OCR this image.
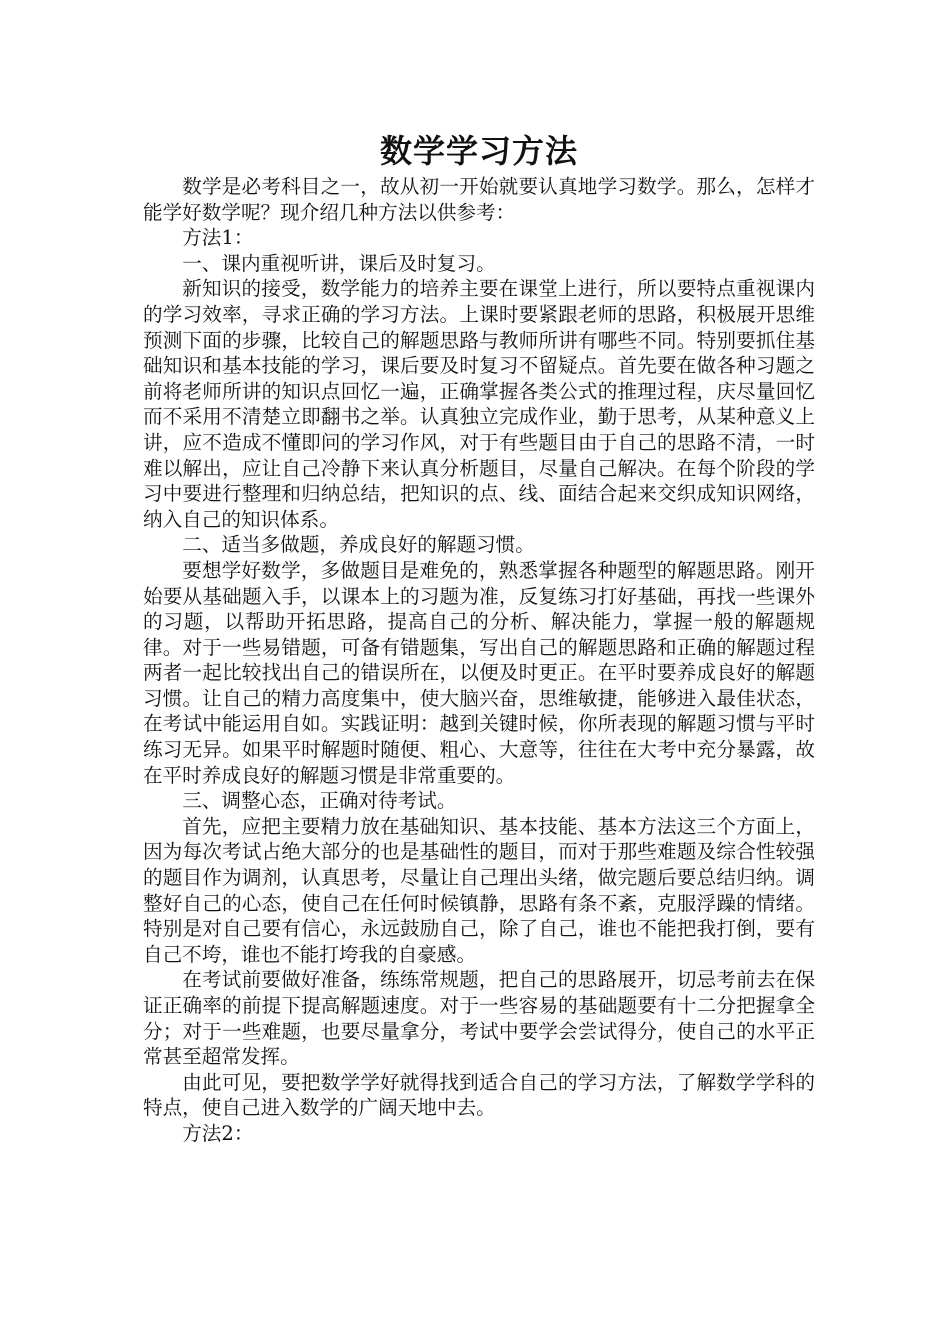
数学学习方法

数学是必考科目之一，故从初一开始就要认真地学习数学。那么，怎样才能学好数学呢？现介绍几种方法以供参考：

方法1：

一、课内重视听讲，课后及时复习。

新知识的接受，数学能力的培养主要在课堂上进行，所以要特点重视课内的学习效率，寻求正确的学习方法。上课时要紧跟老师的思路，积极展开思维预测下面的步骤，比较自己的解题思路与教师所讲有哪些不同。特别要抓住基础知识和基本技能的学习，课后要及时复习不留疑点。首先要在做各种习题之前将老师所讲的知识点回忆一遍，正确掌握各类公式的推理过程，庆尽量回忆而不采用不清楚立即翻书之举。认真独立完成作业，勤于思考，从某种意义上讲，应不造成不懂即问的学习作风，对于有些题目由于自己的思路不清，一时难以解出，应让自己冷静下来认真分析题目，尽量自己解决。在每个阶段的学习中要进行整理和归纳总结，把知识的点、线、面结合起来交织成知识网络，纳入自己的知识体系。

二、适当多做题，养成良好的解题习惯。

要想学好数学，多做题目是难免的，熟悉掌握各种题型的解题思路。刚开始要从基础题入手，以课本上的习题为准，反复练习打好基础，再找一些课外的习题，以帮助开拓思路，提高自己的分析、解决能力，掌握一般的解题规律。对于一些易错题，可备有错题集，写出自己的解题思路和正确的解题过程两者一起比较找出自己的错误所在，以便及时更正。在平时要养成良好的解题习惯。让自己的精力高度集中，使大脑兴奋，思维敏捷，能够进入最佳状态，在考试中能运用自如。实践证明：越到关键时候，你所表现的解题习惯与平时练习无异。如果平时解题时随便、粗心、大意等，往往在大考中充分暴露，故在平时养成良好的解题习惯是非常重要的。

三、调整心态，正确对待考试。

首先，应把主要精力放在基础知识、基本技能、基本方法这三个方面上，因为每次考试占绝大部分的也是基础性的题目，而对于那些难题及综合性较强的题目作为调剂，认真思考，尽量让自己理出头绪，做完题后要总结归纳。调整好自己的心态，使自己在任何时候镇静，思路有条不紊，克服浮躁的情绪。特别是对自己要有信心，永远鼓励自己，除了自己，谁也不能把我打倒，要有自己不垮，谁也不能打垮我的自豪感。

在考试前要做好准备，练练常规题，把自己的思路展开，切忌考前去在保证正确率的前提下提高解题速度。对于一些容易的基础题要有十二分把握拿全分；对于一些难题，也要尽量拿分，考试中要学会尝试得分，使自己的水平正常甚至超常发挥。

由此可见，要把数学学好就得找到适合自己的学习方法，了解数学学科的特点，使自己进入数学的广阔天地中去。

方法2：
